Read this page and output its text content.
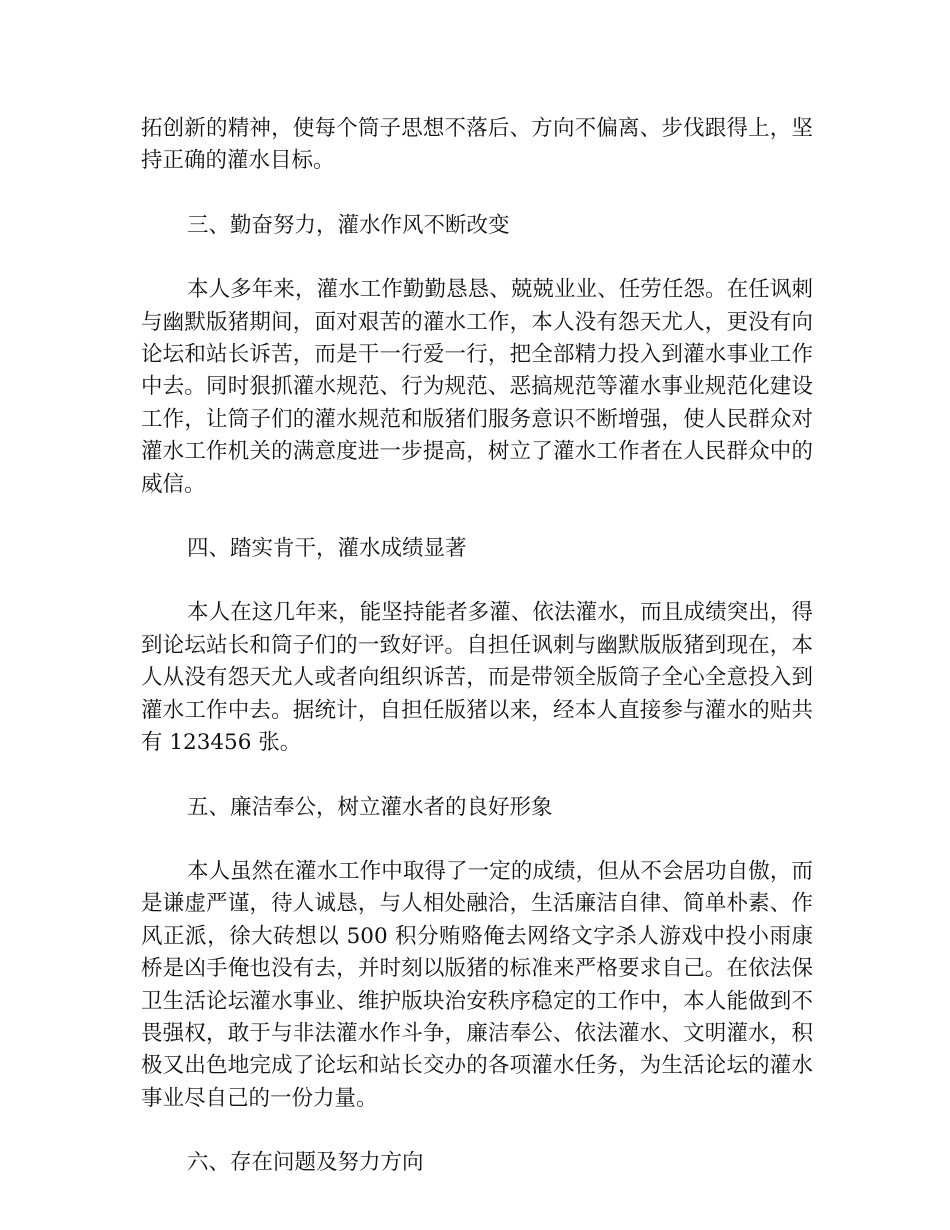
拓创新的精神，使每个筒子思想不落后、方向不偏离、步伐跟得上，坚持正确的灌水目标。

三、勤奋努力，灌水作风不断改变

本人多年来，灌水工作勤勤恳恳、兢兢业业、任劳任怨。在任讽刺与幽默版猪期间，面对艰苦的灌水工作，本人没有怨天尤人，更没有向论坛和站长诉苦，而是干一行爱一行，把全部精力投入到灌水事业工作中去。同时狠抓灌水规范、行为规范、恶搞规范等灌水事业规范化建设工作，让筒子们的灌水规范和版猪们服务意识不断增强，使人民群众对灌水工作机关的满意度进一步提高，树立了灌水工作者在人民群众中的威信。

四、踏实肯干，灌水成绩显著

本人在这几年来，能坚持能者多灌、依法灌水，而且成绩突出，得到论坛站长和筒子们的一致好评。自担任讽刺与幽默版版猪到现在，本人从没有怨天尤人或者向组织诉苦，而是带领全版筒子全心全意投入到灌水工作中去。据统计，自担任版猪以来，经本人直接参与灌水的贴共有 123456 张。

五、廉洁奉公，树立灌水者的良好形象

本人虽然在灌水工作中取得了一定的成绩，但从不会居功自傲，而是谦虚严谨，待人诚恳，与人相处融洽，生活廉洁自律、简单朴素、作风正派，徐大砖想以 500 积分贿赂俺去网络文字杀人游戏中投小雨康桥是凶手俺也没有去，并时刻以版猪的标准来严格要求自己。在依法保卫生活论坛灌水事业、维护版块治安秩序稳定的工作中，本人能做到不畏强权，敢于与非法灌水作斗争，廉洁奉公、依法灌水、文明灌水，积极又出色地完成了论坛和站长交办的各项灌水任务，为生活论坛的灌水事业尽自己的一份力量。

六、存在问题及努力方向
